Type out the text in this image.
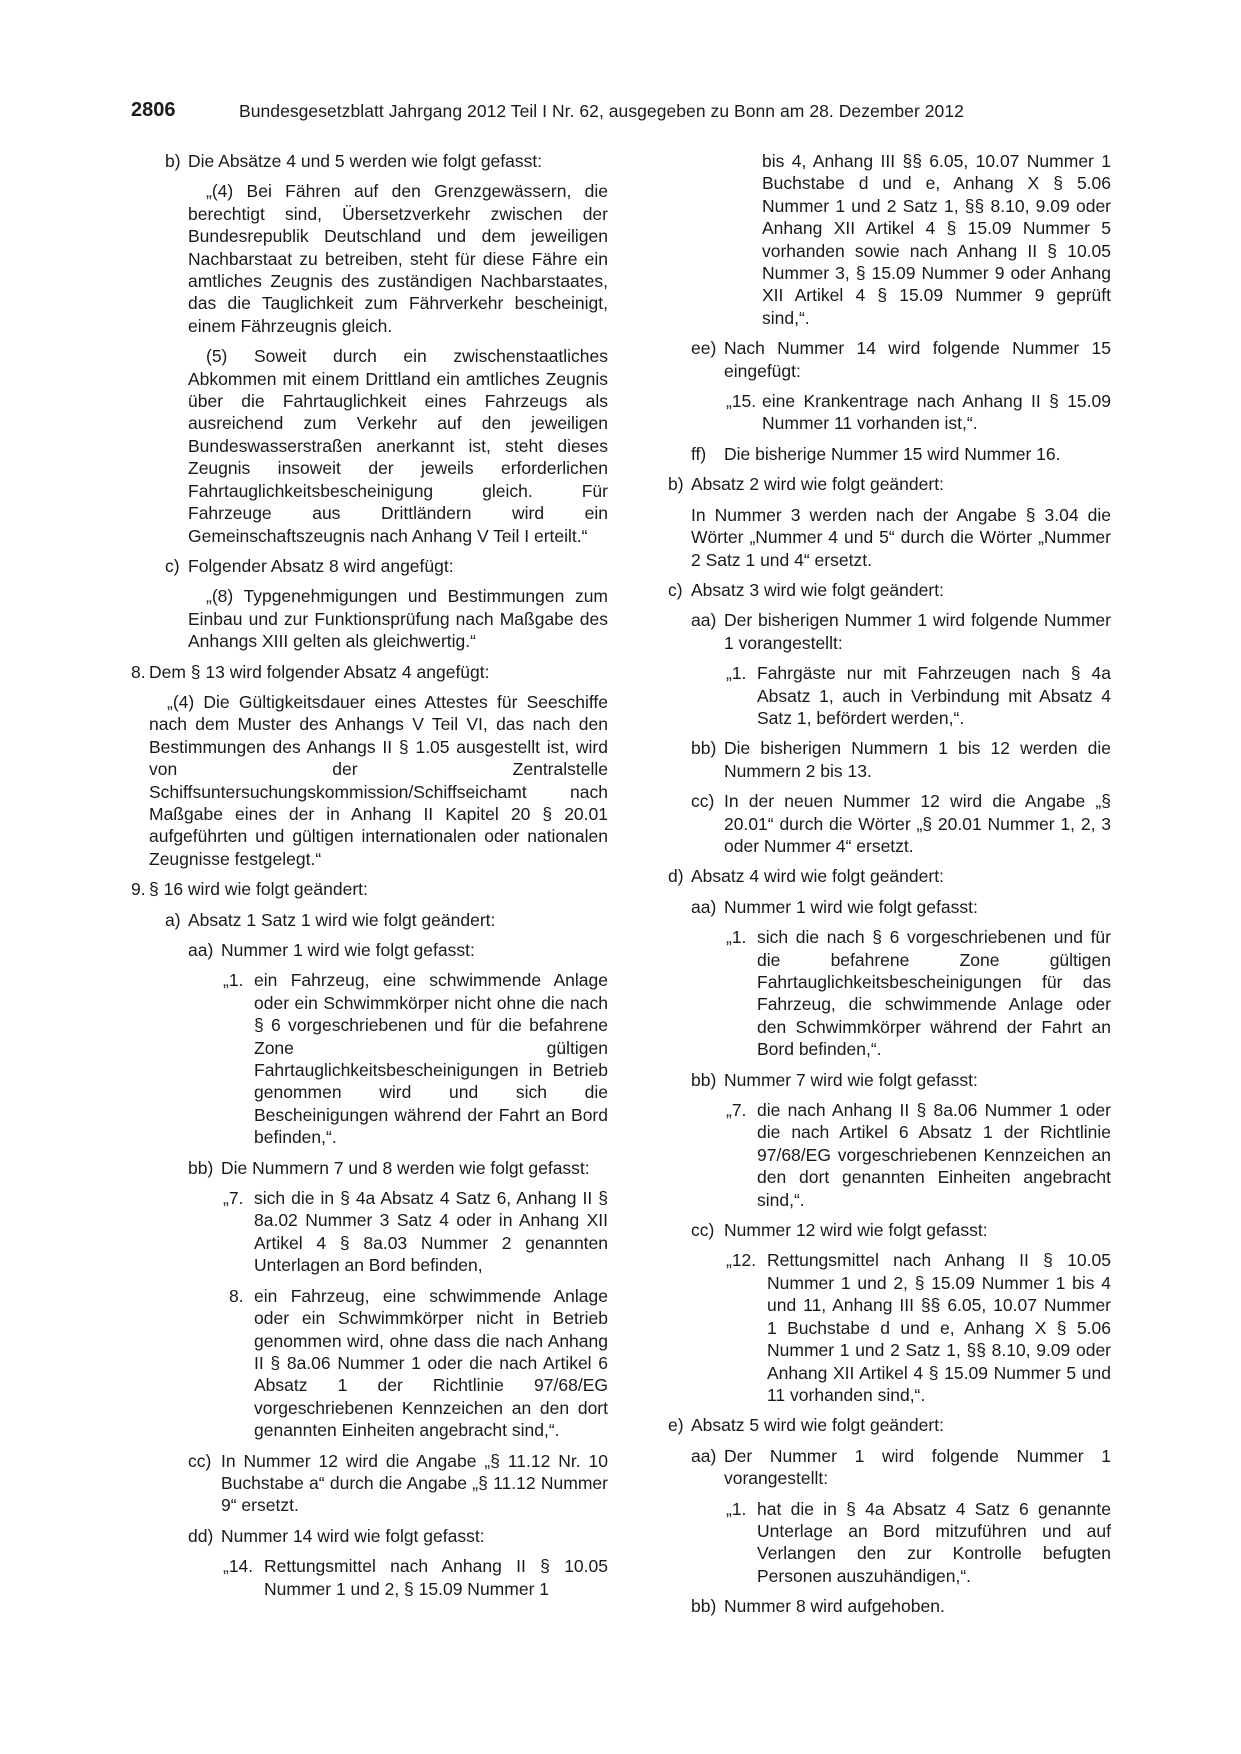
2806	Bundesgesetzblatt Jahrgang 2012 Teil I Nr. 62, ausgegeben zu Bonn am 28. Dezember 2012
b) Die Absätze 4 und 5 werden wie folgt gefasst:
„(4) Bei Fähren auf den Grenzgewässern, die berechtigt sind, Übersetzverkehr zwischen der Bundesrepublik Deutschland und dem jeweiligen Nachbarstaat zu betreiben, steht für diese Fähre ein amtliches Zeugnis des zuständigen Nachbarstaates, das die Tauglichkeit zum Fährverkehr bescheinigt, einem Fährzeugnis gleich.
(5) Soweit durch ein zwischenstaatliches Abkommen mit einem Drittland ein amtliches Zeugnis über die Fahrtauglichkeit eines Fahrzeugs als ausreichend zum Verkehr auf den jeweiligen Bundeswasserstraßen anerkannt ist, steht dieses Zeugnis insoweit der jeweils erforderlichen Fahrtauglichkeitsbescheinigung gleich. Für Fahrzeuge aus Drittländern wird ein Gemeinschaftszeugnis nach Anhang V Teil I erteilt.“
c) Folgender Absatz 8 wird angefügt:
„(8) Typgenehmigungen und Bestimmungen zum Einbau und zur Funktionsprüfung nach Maßgabe des Anhangs XIII gelten als gleichwertig.“
8. Dem § 13 wird folgender Absatz 4 angefügt:
„(4) Die Gültigkeitsdauer eines Attestes für Seeschiffe nach dem Muster des Anhangs V Teil VI, das nach den Bestimmungen des Anhangs II § 1.05 ausgestellt ist, wird von der Zentralstelle Schiffsuntersuchungskommission/Schiffseichamt nach Maßgabe eines der in Anhang II Kapitel 20 § 20.01 aufgeführten und gültigen internationalen oder nationalen Zeugnisse festgelegt.“
9. § 16 wird wie folgt geändert:
a) Absatz 1 Satz 1 wird wie folgt geändert:
aa) Nummer 1 wird wie folgt gefasst:
„1. ein Fahrzeug, eine schwimmende Anlage oder ein Schwimmkörper nicht ohne die nach § 6 vorgeschriebenen und für die befahrene Zone gültigen Fahrtauglichkeitsbescheinigungen in Betrieb genommen wird und sich die Bescheinigungen während der Fahrt an Bord befinden,“.
bb) Die Nummern 7 und 8 werden wie folgt gefasst:
„7. sich die in § 4a Absatz 4 Satz 6, Anhang II § 8a.02 Nummer 3 Satz 4 oder in Anhang XII Artikel 4 § 8a.03 Nummer 2 genannten Unterlagen an Bord befinden,
8. ein Fahrzeug, eine schwimmende Anlage oder ein Schwimmkörper nicht in Betrieb genommen wird, ohne dass die nach Anhang II § 8a.06 Nummer 1 oder die nach Artikel 6 Absatz 1 der Richtlinie 97/68/EG vorgeschriebenen Kennzeichen an den dort genannten Einheiten angebracht sind,“.
cc) In Nummer 12 wird die Angabe „§ 11.12 Nr. 10 Buchstabe a“ durch die Angabe „§ 11.12 Nummer 9“ ersetzt.
dd) Nummer 14 wird wie folgt gefasst:
„14. Rettungsmittel nach Anhang II § 10.05 Nummer 1 und 2, § 15.09 Nummer 1
bis 4, Anhang III §§ 6.05, 10.07 Nummer 1 Buchstabe d und e, Anhang X § 5.06 Nummer 1 und 2 Satz 1, §§ 8.10, 9.09 oder Anhang XII Artikel 4 § 15.09 Nummer 5 vorhanden sowie nach Anhang II § 10.05 Nummer 3, § 15.09 Nummer 9 oder Anhang XII Artikel 4 § 15.09 Nummer 9 geprüft sind,“.
ee) Nach Nummer 14 wird folgende Nummer 15 eingefügt:
„15. eine Krankentrage nach Anhang II § 15.09 Nummer 11 vorhanden ist,“.
ff) Die bisherige Nummer 15 wird Nummer 16.
b) Absatz 2 wird wie folgt geändert:
In Nummer 3 werden nach der Angabe § 3.04 die Wörter „Nummer 4 und 5“ durch die Wörter „Nummer 2 Satz 1 und 4“ ersetzt.
c) Absatz 3 wird wie folgt geändert:
aa) Der bisherigen Nummer 1 wird folgende Nummer 1 vorangestellt:
„1. Fahrgäste nur mit Fahrzeugen nach § 4a Absatz 1, auch in Verbindung mit Absatz 4 Satz 1, befördert werden,“.
bb) Die bisherigen Nummern 1 bis 12 werden die Nummern 2 bis 13.
cc) In der neuen Nummer 12 wird die Angabe „§ 20.01“ durch die Wörter „§ 20.01 Nummer 1, 2, 3 oder Nummer 4“ ersetzt.
d) Absatz 4 wird wie folgt geändert:
aa) Nummer 1 wird wie folgt gefasst:
„1. sich die nach § 6 vorgeschriebenen und für die befahrene Zone gültigen Fahrtauglichkeitsbescheinigungen für das Fahrzeug, die schwimmende Anlage oder den Schwimmkörper während der Fahrt an Bord befinden,“.
bb) Nummer 7 wird wie folgt gefasst:
„7. die nach Anhang II § 8a.06 Nummer 1 oder die nach Artikel 6 Absatz 1 der Richtlinie 97/68/EG vorgeschriebenen Kennzeichen an den dort genannten Einheiten angebracht sind,“.
cc) Nummer 12 wird wie folgt gefasst:
„12. Rettungsmittel nach Anhang II § 10.05 Nummer 1 und 2, § 15.09 Nummer 1 bis 4 und 11, Anhang III §§ 6.05, 10.07 Nummer 1 Buchstabe d und e, Anhang X § 5.06 Nummer 1 und 2 Satz 1, §§ 8.10, 9.09 oder Anhang XII Artikel 4 § 15.09 Nummer 5 und 11 vorhanden sind,“.
e) Absatz 5 wird wie folgt geändert:
aa) Der Nummer 1 wird folgende Nummer 1 vorangestellt:
„1. hat die in § 4a Absatz 4 Satz 6 genannte Unterlage an Bord mitzuführen und auf Verlangen den zur Kontrolle befugten Personen auszuhändigen,“.
bb) Nummer 8 wird aufgehoben.
